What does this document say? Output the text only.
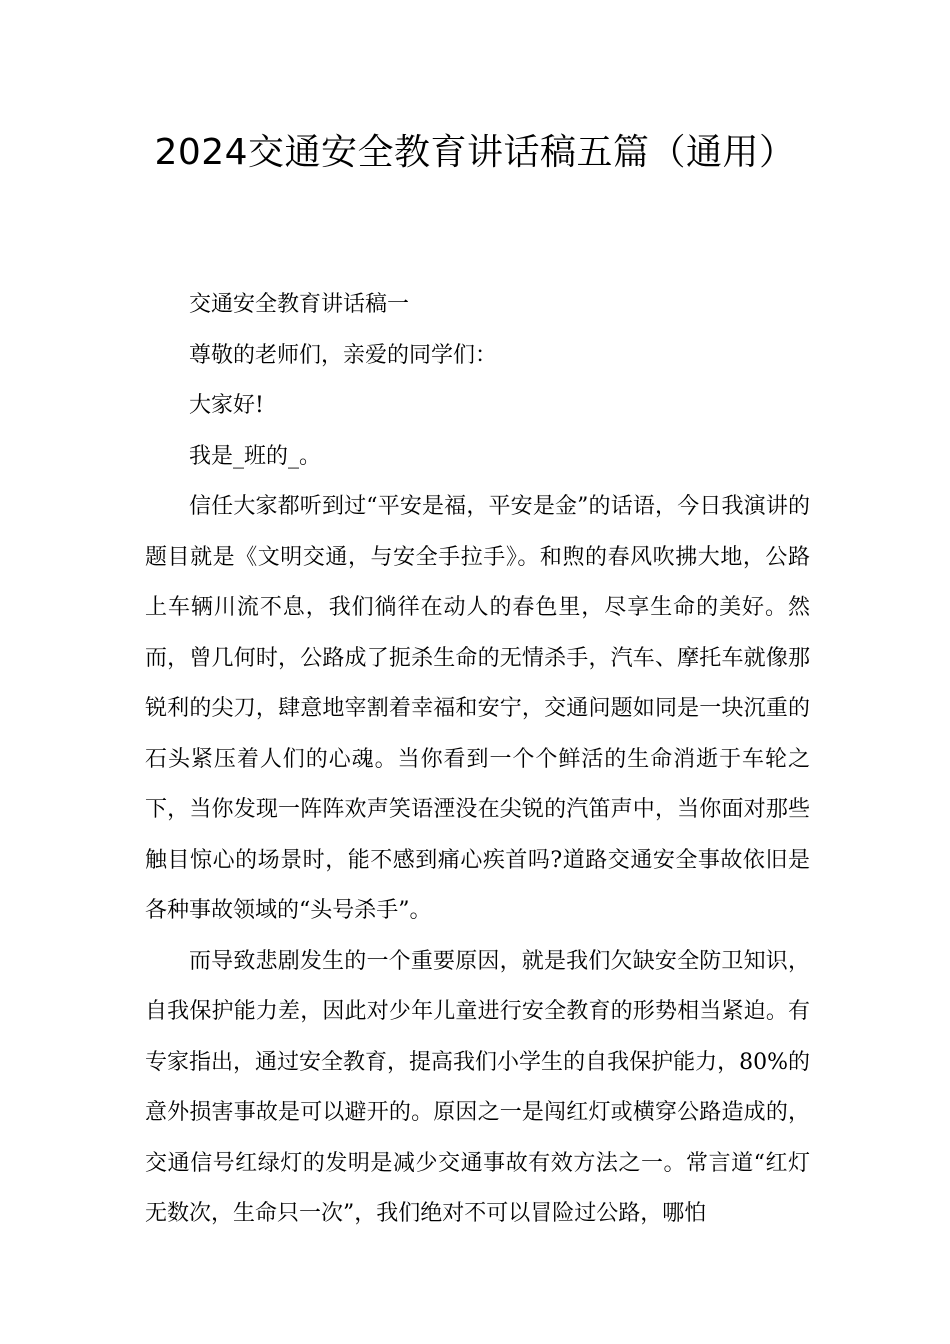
2024交通安全教育讲话稿五篇（通用）

交通安全教育讲话稿一

尊敬的老师们，亲爱的同学们：

大家好!

我是_班的_。

信任大家都听到过“平安是福，平安是金”的话语，今日我演讲的题目就是《文明交通，与安全手拉手》。和煦的春风吹拂大地，公路上车辆川流不息，我们徜徉在动人的春色里，尽享生命的美好。然而，曾几何时，公路成了扼杀生命的无情杀手，汽车、摩托车就像那锐利的尖刀，肆意地宰割着幸福和安宁，交通问题如同是一块沉重的石头紧压着人们的心魂。当你看到一个个鲜活的生命消逝于车轮之下，当你发现一阵阵欢声笑语湮没在尖锐的汽笛声中，当你面对那些触目惊心的场景时，能不感到痛心疾首吗?道路交通安全事故依旧是各种事故领域的“头号杀手”。

而导致悲剧发生的一个重要原因，就是我们欠缺安全防卫知识，自我保护能力差，因此对少年儿童进行安全教育的形势相当紧迫。有专家指出，通过安全教育，提高我们小学生的自我保护能力，80%的意外损害事故是可以避开的。原因之一是闯红灯或横穿公路造成的，交通信号红绿灯的发明是减少交通事故有效方法之一。常言道“红灯无数次，生命只一次”，我们绝对不可以冒险过公路，哪怕
